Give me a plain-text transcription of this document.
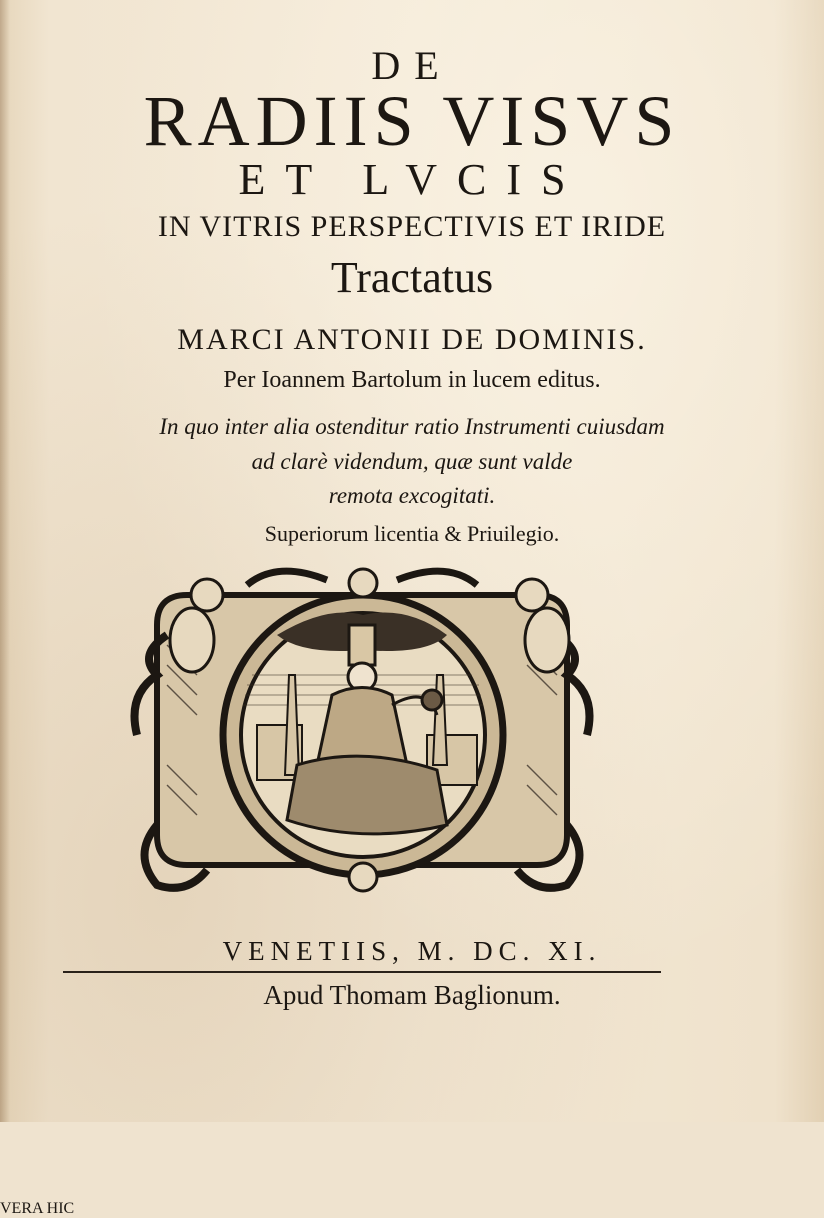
DE
RADIIS VISVS
ET LVCIS
IN VITRIS PERSPECTIVIS ET IRIDE
Tractatus
MARCI ANTONII DE DOMINIS.
Per Ioannem Bartolum in lucem editus.
In quo inter alia ostenditur ratio Instrumenti cuiusdam
ad clarè videndum, quæ sunt valde
remota excogitati.
Superiorum licentia & Priuilegio.
VERA HIC
VENETIIS, M. DC. XI.
Apud Thomam Baglionum.
